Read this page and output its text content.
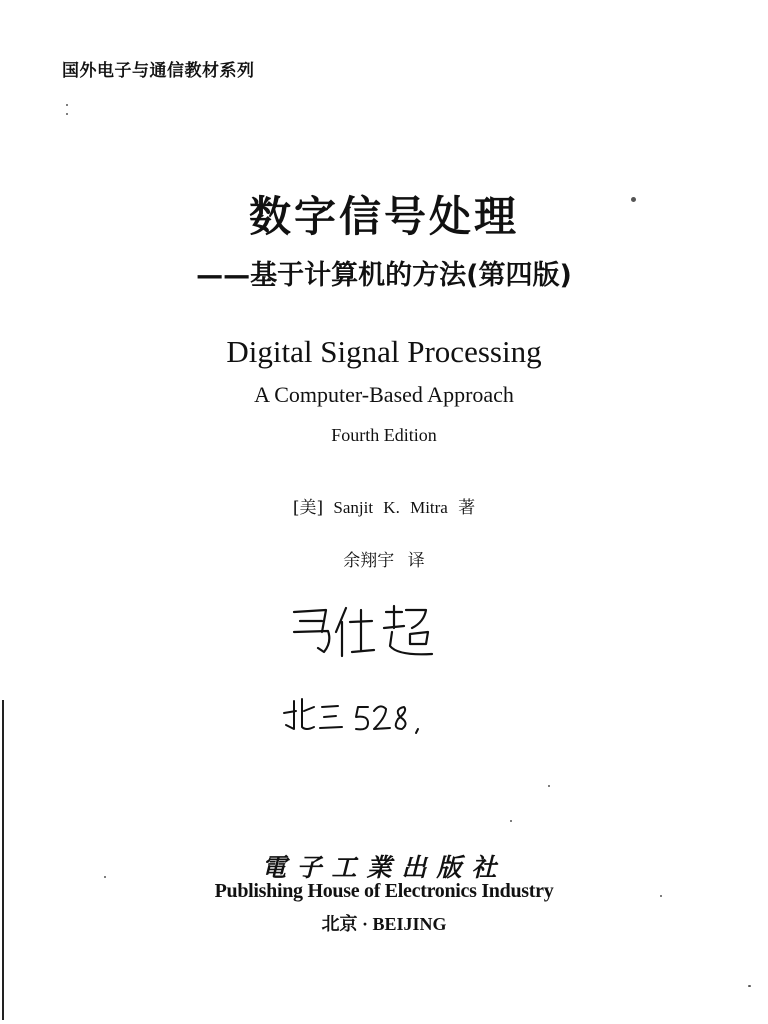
国外电子与通信教材系列
数字信号处理
——基于计算机的方法(第四版)
Digital Signal Processing
A Computer-Based Approach
Fourth Edition
[美] Sanjit K. Mitra 著
余翔宇 译
電子工業出版社
Publishing House of Electronics Industry
北京 · BEIJING
